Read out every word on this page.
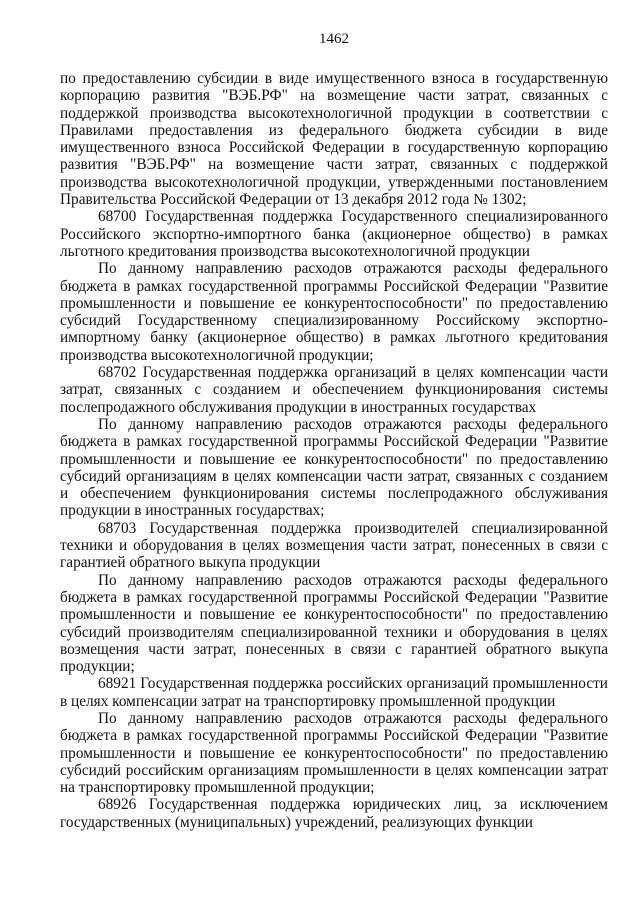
1462

по предоставлению субсидии в виде имущественного взноса в государственную корпорацию развития "ВЭБ.РФ" на возмещение части затрат, связанных с поддержкой производства высокотехнологичной продукции в соответствии с Правилами предоставления из федерального бюджета субсидии в виде имущественного взноса Российской Федерации в государственную корпорацию развития "ВЭБ.РФ" на возмещение части затрат, связанных с поддержкой производства высокотехнологичной продукции, утвержденными постановлением Правительства Российской Федерации от 13 декабря 2012 года № 1302;

68700 Государственная поддержка Государственного специализированного Российского экспортно-импортного банка (акционерное общество) в рамках льготного кредитования производства высокотехнологичной продукции

По данному направлению расходов отражаются расходы федерального бюджета в рамках государственной программы Российской Федерации "Развитие промышленности и повышение ее конкурентоспособности" по предоставлению субсидий Государственному специализированному Российскому экспортно-импортному банку (акционерное общество) в рамках льготного кредитования производства высокотехнологичной продукции;

68702 Государственная поддержка организаций в целях компенсации части затрат, связанных с созданием и обеспечением функционирования системы послепродажного обслуживания продукции в иностранных государствах

По данному направлению расходов отражаются расходы федерального бюджета в рамках государственной программы Российской Федерации "Развитие промышленности и повышение ее конкурентоспособности" по предоставлению субсидий организациям в целях компенсации части затрат, связанных с созданием и обеспечением функционирования системы послепродажного обслуживания продукции в иностранных государствах;

68703 Государственная поддержка производителей специализированной техники и оборудования в целях возмещения части затрат, понесенных в связи с гарантией обратного выкупа продукции

По данному направлению расходов отражаются расходы федерального бюджета в рамках государственной программы Российской Федерации "Развитие промышленности и повышение ее конкурентоспособности" по предоставлению субсидий производителям специализированной техники и оборудования в целях возмещения части затрат, понесенных в связи с гарантией обратного выкупа продукции;

68921 Государственная поддержка российских организаций промышленности в целях компенсации затрат на транспортировку промышленной продукции

По данному направлению расходов отражаются расходы федерального бюджета в рамках государственной программы Российской Федерации "Развитие промышленности и повышение ее конкурентоспособности" по предоставлению субсидий российским организациям промышленности в целях компенсации затрат на транспортировку промышленной продукции;

68926 Государственная поддержка юридических лиц, за исключением государственных (муниципальных) учреждений, реализующих функции
